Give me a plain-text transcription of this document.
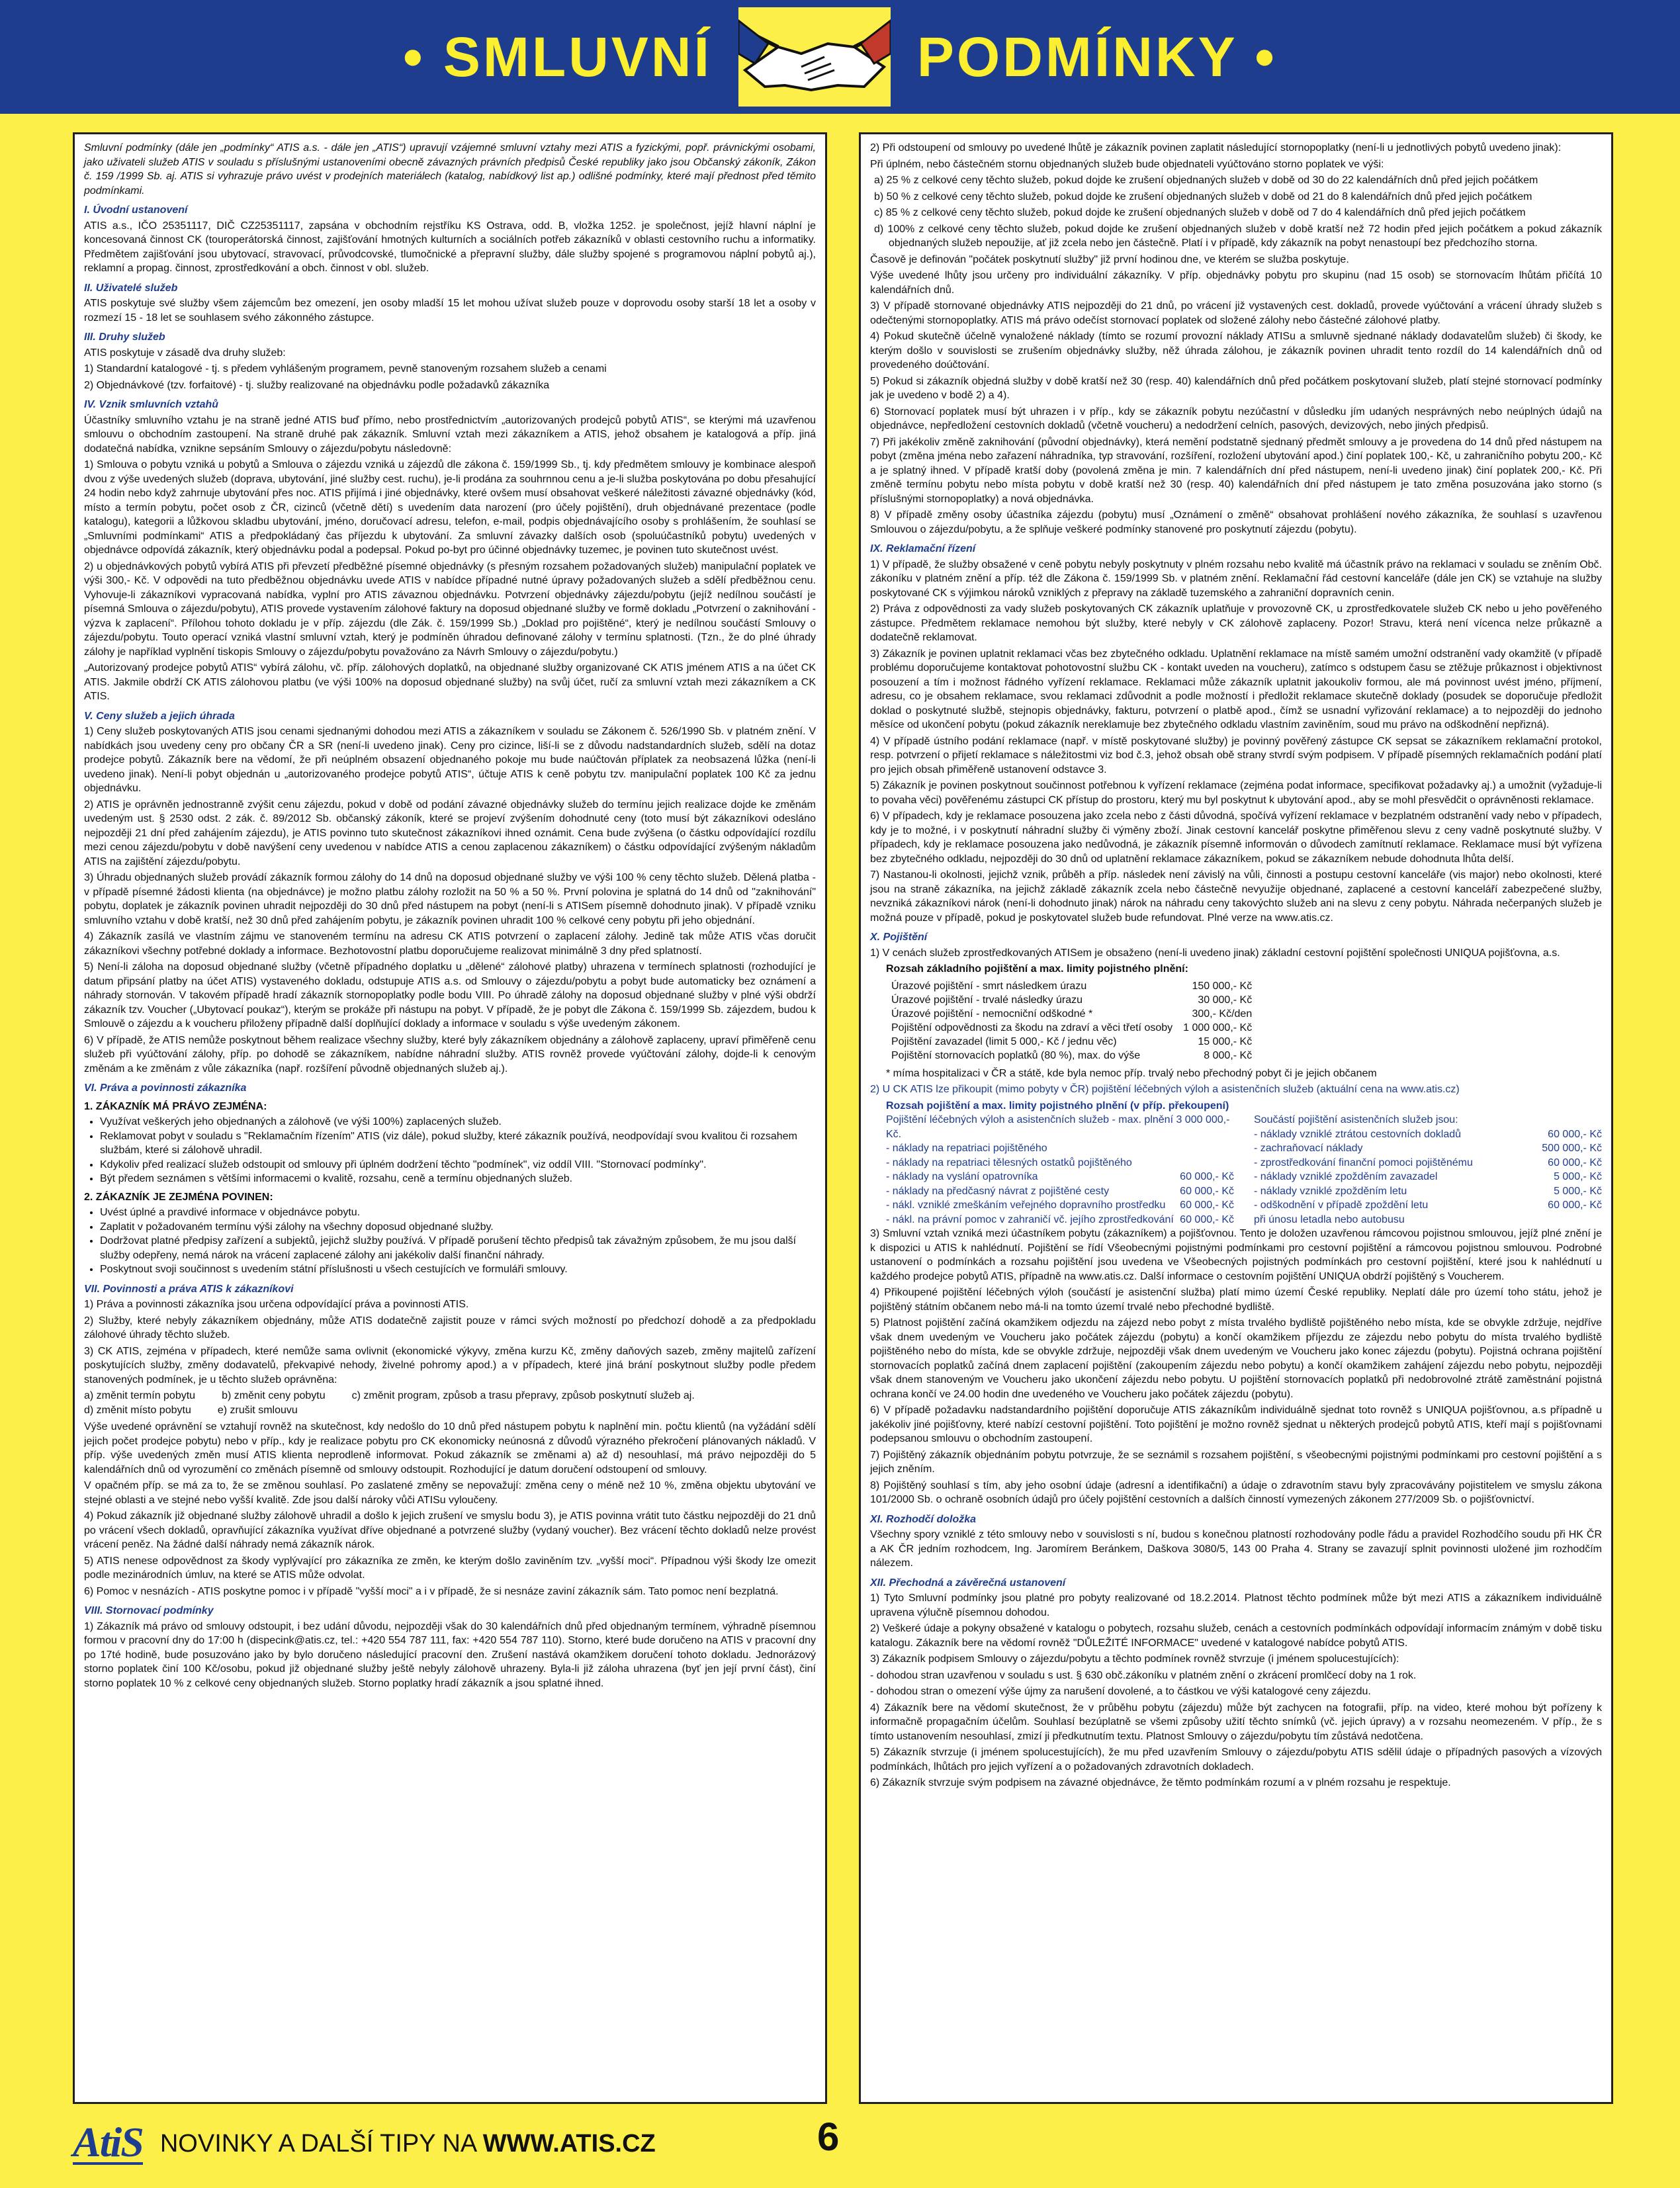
• SMLUVNÍ	PODMÍNKY •

Smluvní podmínky (dále jen „podmínky“ ATIS a.s. - dále jen „ATIS“) upravují vzájemné smluvní vztahy mezi ATIS a fyzickými, popř. právnickými osobami, jako uživateli služeb ATIS v souladu s příslušnými ustanoveními obecně závazných právních předpisů České republiky jako jsou Občanský zákoník, Zákon č. 159 /1999 Sb. aj. ATIS si vyhrazuje právo uvést v prodejních materiálech (katalog, nabídkový list ap.) odlišné podmínky, které mají přednost před těmito podmínkami.

I. Úvodní ustanovení

ATIS a.s., IČO 25351117, DIČ CZ25351117, zapsána v obchodním rejstříku KS Ostrava, odd. B, vložka 1252. je společnost, jejíž hlavní náplní je koncesovaná činnost CK (touroperátorská činnost, zajišťování hmotných kulturních a sociálních potřeb zákazníků v oblasti cestovního ruchu a informatiky. Předmětem zajišťování jsou ubytovací, stravovací, průvodcovské, tlumočnické a přepravní služby, dále služby spojené s programovou náplní pobytů aj.), reklamní a propag. činnost, zprostředkování a obch. činnost v obl. služeb.

II. Uživatelé služeb

ATIS poskytuje své služby všem zájemcům bez omezení, jen osoby mladší 15 let mohou užívat služeb pouze v doprovodu osoby starší 18 let a osoby v rozmezí 15 - 18 let se souhlasem svého zákonného zástupce.

III. Druhy služeb

ATIS poskytuje v zásadě dva druhy služeb:

1) Standardní katalogové - tj. s předem vyhlášeným programem, pevně stanoveným rozsahem služeb a cenami

2) Objednávkové (tzv. forfaitové) - tj. služby realizované na objednávku podle požadavků zákazníka

IV. Vznik smluvních vztahů

Účastníky smluvního vztahu je na straně jedné ATIS buď přímo, nebo prostřednictvím „autorizovaných prodejců pobytů ATIS“, se kterými má uzavřenou smlouvu o obchodním zastoupení. Na straně druhé pak zákazník. Smluvní vztah mezi zákazníkem a ATIS, jehož obsahem je katalogová a příp. jiná dodatečná nabídka, vznikne sepsáním Smlouvy o zájezdu/pobytu následovně:

1) Smlouva o pobytu vzniká u pobytů a Smlouva o zájezdu vzniká u zájezdů dle zákona č. 159/1999 Sb., tj. kdy předmětem smlouvy je kombinace alespoň dvou z výše uvedených služeb (doprava, ubytování, jiné služby cest. ruchu), je-li prodána za souhrnnou cenu a je-li služba poskytována po dobu přesahující 24 hodin nebo když zahrnuje ubytování přes noc. ATIS přijímá i jiné objednávky, které ovšem musí obsahovat veškeré náležitosti závazné objednávky (kód, místo a termín pobytu, počet osob z ČR, cizinců (včetně dětí) s uvedením data narození (pro účely pojištění), druh objednávané prezentace (podle katalogu), kategorii a lůžkovou skladbu ubytování, jméno, doručovací adresu, telefon, e-mail, podpis objednávajícího osoby s prohlášením, že souhlasí se „Smluvními podmínkami“ ATIS a předpokládaný čas příjezdu k ubytování. Za smluvní závazky dalších osob (spoluúčastníků pobytu) uvedených v objednávce odpovídá zákazník, který objednávku podal a podepsal. Pokud po-byt pro účinné objednávky tuzemec, je povinen tuto skutečnost uvést.

2) u objednávkových pobytů vybírá ATIS při převzetí předběžné písemné objednávky (s přesným rozsahem požadovaných služeb) manipulační poplatek ve výši 300,- Kč. V odpovědi na tuto předběžnou objednávku uvede ATIS v nabídce případné nutné úpravy požadovaných služeb a sdělí předběžnou cenu. Vyhovuje-li zákazníkovi vypracovaná nabídka, vyplní pro ATIS závaznou objednávku. Potvrzení objednávky zájezdu/pobytu (jejíž nedílnou součástí je písemná Smlouva o zájezdu/pobytu), ATIS provede vystavením zálohové faktury na doposud objednané služby ve formě dokladu „Potvrzení o zaknihování - výzva k zaplacení“. Přílohou tohoto dokladu je v příp. zájezdu (dle Zák. č. 159/1999 Sb.) „Doklad pro pojištěné“, který je nedílnou součástí Smlouvy o zájezdu/pobytu. Touto operací vzniká vlastní smluvní vztah, který je podmíněn úhradou definované zálohy v termínu splatnosti. (Tzn., že do plné úhrady zálohy je například vyplnění tiskopis Smlouvy o zájezdu/pobytu považováno za Návrh Smlouvy o zájezdu/pobytu.)

„Autorizovaný prodejce pobytů ATIS“ vybírá zálohu, vč. příp. zálohových doplatků, na objednané služby organizované CK ATIS jménem ATIS a na účet CK ATIS. Jakmile obdrží CK ATIS zálohovou platbu (ve výši 100% na doposud objednané služby) na svůj účet, ručí za smluvní vztah mezi zákazníkem a CK ATIS.

V. Ceny služeb a jejich úhrada

1) Ceny služeb poskytovaných ATIS jsou cenami sjednanými dohodou mezi ATIS a zákazníkem v souladu se Zákonem č. 526/1990 Sb. v platném znění. V nabídkách jsou uvedeny ceny pro občany ČR a SR (není-li uvedeno jinak). Ceny pro cizince, liší-li se z důvodu nadstandardních služeb, sdělí na dotaz prodejce pobytů. Zákazník bere na vědomí, že při neúplném obsazení objednaného pokoje mu bude naúčtován příplatek za neobsazená lůžka (není-li uvedeno jinak). Není-li pobyt objednán u „autorizovaného prodejce pobytů ATIS“, účtuje ATIS k ceně pobytu tzv. manipulační poplatek 100 Kč za jednu objednávku.

2) ATIS je oprávněn jednostranně zvýšit cenu zájezdu, pokud v době od podání závazné objednávky služeb do termínu jejich realizace dojde ke změnám uvedeným ust. § 2530 odst. 2 zák. č. 89/2012 Sb. občanský zákoník, které se projeví zvýšením dohodnuté ceny (toto musí být zákazníkovi odesláno nejpozději 21 dní před zahájením zájezdu), je ATIS povinno tuto skutečnost zákazníkovi ihned oznámit. Cena bude zvýšena (o částku odpovídající rozdílu mezi cenou zájezdu/pobytu v době navýšení ceny uvedenou v nabídce ATIS a cenou zaplacenou zákazníkem) o částku odpovídající zvýšeným nákladům ATIS na zajištění zájezdu/pobytu.

3) Úhradu objednaných služeb provádí zákazník formou zálohy do 14 dnů na doposud objednané služby ve výši 100 % ceny těchto služeb. Dělená platba - v případě písemné žádosti klienta (na objednávce) je možno platbu zálohy rozložit na 50 % a 50 %. První polovina je splatná do 14 dnů od "zaknihování" pobytu, doplatek je zákazník povinen uhradit nejpozději do 30 dnů před nástupem na pobyt (není-li s ATISem písemně dohodnuto jinak). V případě vzniku smluvního vztahu v době kratší, než 30 dnů před zahájením pobytu, je zákazník povinen uhradit 100 % celkové ceny pobytu při jeho objednání.

4) Zákazník zasílá ve vlastním zájmu ve stanoveném termínu na adresu CK ATIS potvrzení o zaplacení zálohy. Jedině tak může ATIS včas doručit zákazníkovi všechny potřebné doklady a informace. Bezhotovostní platbu doporučujeme realizovat minimálně 3 dny před splatností.

5) Není-li záloha na doposud objednané služby (včetně případného doplatku u „dělené“ zálohové platby) uhrazena v termínech splatnosti (rozhodující je datum připsání platby na účet ATIS) vystaveného dokladu, odstupuje ATIS a.s. od Smlouvy o zájezdu/pobytu a pobyt bude automaticky bez oznámení a náhrady stornován. V takovém případě hradí zákazník stornopoplatky podle bodu VIII. Po úhradě zálohy na doposud objednané služby v plné výši obdrží zákazník tzv. Voucher („Ubytovací poukaz“), kterým se prokáže při nástupu na pobyt. V případě, že je pobyt dle Zákona č. 159/1999 Sb. zájezdem, budou k Smlouvě o zájezdu a k voucheru přiloženy případně další doplňující doklady a informace v souladu s výše uvedeným zákonem.

6) V případě, že ATIS nemůže poskytnout během realizace všechny služby, které byly zákazníkem objednány a zálohově zaplaceny, upraví přiměřeně cenu služeb při vyúčtování zálohy, příp. po dohodě se zákazníkem, nabídne náhradní služby. ATIS rovněž provede vyúčtování zálohy, dojde-li k cenovým změnám a ke změnám z vůle zákazníka (např. rozšíření původně objednaných služeb aj.).

VI. Práva a povinnosti zákazníka
1. ZÁKAZNÍK MÁ PRÁVO ZEJMÉNA:
• Využívat veškerých jeho objednaných a zálohově (ve výši 100%) zaplacených služeb.
• Reklamovat pobyt v souladu s "Reklamačním řízením" ATIS (viz dále), pokud služby, které zákazník používá, neodpovídají svou kvalitou či rozsahem službám, které si zálohově uhradil.
• Kdykoliv před realizací služeb odstoupit od smlouvy při úplném dodržení těchto "podmínek", viz oddíl VIII. "Stornovací podmínky".
• Být předem seznámen s většími informacemi o kvalitě, rozsahu, ceně a termínu objednaných služeb.
2. ZÁKAZNÍK JE ZEJMÉNA POVINEN:
• Uvést úplné a pravdivé informace v objednávce pobytu.
• Zaplatit v požadovaném termínu výši zálohy na všechny doposud objednané služby.
• Dodržovat platné předpisy zařízení a subjektů, jejichž služby používá. V případě porušení těchto předpisů tak závažným způsobem, že mu jsou další služby odepřeny, nemá nárok na vrácení zaplacené zálohy ani jakékoliv další finanční náhrady.
• Poskytnout svoji součinnost s uvedením státní příslušnosti u všech cestujících ve formuláři smlouvy.
VII. Povinnosti a práva ATIS k zákazníkovi

1) Práva a povinnosti zákazníka jsou určena odpovídající práva a povinnosti ATIS.

2) Služby, které nebyly zákazníkem objednány, může ATIS dodatečně zajistit pouze v rámci svých možností po předchozí dohodě a za předpokladu zálohové úhrady těchto služeb.

3) CK ATIS, zejména v případech, které nemůže sama ovlivnit (ekonomické výkyvy, změna kurzu Kč, změny daňových sazeb, změny majitelů zařízení poskytujících služby, změny dodavatelů, překvapivé nehody, živelné pohromy apod.) a v případech, které jiná brání poskytnout služby podle předem stanovených podmínek, je u těchto služeb oprávněna:

a) změnit termín pobytu	b) změnit ceny pobytu	c) změnit program, způsob a trasu přepravy, způsob poskytnutí služeb aj.
d) změnit místo pobytu	e) zrušit smlouvu

Výše uvedené oprávnění se vztahují rovněž na skutečnost, kdy nedošlo do 10 dnů před nástupem pobytu k naplnění min. počtu klientů (na vyžádání sdělí jejich počet prodejce pobytu) nebo v příp., kdy je realizace pobytu pro CK ekonomicky neúnosná z důvodů výrazného překročení plánovaných nákladů. V příp. výše uvedených změn musí ATIS klienta neprodleně informovat. Pokud zákazník se změnami a) až d) nesouhlasí, má právo nejpozději do 5 kalendářních dnů od vyrozumění co změnách písemně od smlouvy odstoupit. Rozhodující je datum doručení odstoupení od smlouvy.

V opačném příp. se má za to, že se změnou souhlasí. Po zaslatené změny se nepovažují: změna ceny o méně než 10 %, změna objektu ubytování ve stejné oblasti a ve stejné nebo vyšší kvalitě. Zde jsou další nároky vůči ATISu vyloučeny.

4) Pokud zákazník již objednané služby zálohově uhradil a došlo k jejich zrušení ve smyslu bodu 3), je ATIS povinna vrátit tuto částku nejpozději do 21 dnů po vrácení všech dokladů, opravňující zákazníka využívat dříve objednané a potvrzené služby (vydaný voucher). Bez vrácení těchto dokladů nelze provést vrácení peněz. Na žádné další náhrady nemá zákazník nárok.

5) ATIS nenese odpovědnost za škody vyplývající pro zákazníka ze změn, ke kterým došlo zaviněním tzv. „vyšší moci“. Případnou výši škody lze omezit podle mezinárodních úmluv, na které se ATIS může odvolat.

6) Pomoc v nesnázích - ATIS poskytne pomoc i v případě "vyšší moci" a i v případě, že si nesnáze zaviní zákazník sám. Tato pomoc není bezplatná.

VIII. Stornovací podmínky

1) Zákazník má právo od smlouvy odstoupit, i bez udání důvodu, nejpozději však do 30 kalendářních dnů před objednaným termínem, výhradně písemnou formou v pracovní dny do 17:00 h (dispecink@atis.cz, tel.: +420 554 787 111, fax: +420 554 787 110). Storno, které bude doručeno na ATIS v pracovní dny po 17té hodině, bude posuzováno jako by bylo doručeno následující pracovní den. Zrušení nastává okamžikem doručení tohoto dokladu. Jednorázový storno poplatek činí 100 Kč/osobu, pokud již objednané služby ještě nebyly zálohově uhrazeny. Byla-li již záloha uhrazena (byť jen její první část), činí storno poplatek 10 % z celkové ceny objednaných služeb. Storno poplatky hradí zákazník a jsou splatné ihned.

2) Při odstoupení od smlouvy po uvedené lhůtě je zákazník povinen zaplatit následující stornopoplatky (není-li u jednotlivých pobytů uvedeno jinak):

Při úplném, nebo částečném stornu objednaných služeb bude objednateli vyúčtováno storno poplatek ve výši:

a) 25 % z celkové ceny těchto služeb, pokud dojde ke zrušení objednaných služeb v době od 30 do 22 kalendářních dnů před jejich počátkem

b) 50 % z celkové ceny těchto služeb, pokud dojde ke zrušení objednaných služeb v době od 21 do 8 kalendářních dnů před jejich počátkem

c) 85 % z celkové ceny těchto služeb, pokud dojde ke zrušení objednaných služeb v době od 7 do 4 kalendářních dnů před jejich počátkem

d) 100% z celkové ceny těchto služeb, pokud dojde ke zrušení objednaných služeb v době kratší než 72 hodin před jejich počátkem a pokud zákazník objednaných služeb nepoužije, ať již zcela nebo jen částečně. Platí i v případě, kdy zákazník na pobyt nenastoupí bez předchozího storna.

Časově je definován "počátek poskytnutí služby" již první hodinou dne, ve kterém se služba poskytuje.

Výše uvedené lhůty jsou určeny pro individuální zákazníky. V příp. objednávky pobytu pro skupinu (nad 15 osob) se stornovacím lhůtám přičítá 10 kalendářních dnů.

3) V případě stornované objednávky ATIS nejpozději do 21 dnů, po vrácení již vystavených cest. dokladů, provede vyúčtování a vrácení úhrady služeb s odečtenými stornopoplatky. ATIS má právo odečíst stornovací poplatek od složené zálohy nebo částečné zálohové platby.

4) Pokud skutečně účelně vynaložené náklady (tímto se rozumí provozní náklady ATISu a smluvně sjednané náklady dodavatelům služeb) či škody, ke kterým došlo v souvislosti se zrušením objednávky služby, něž úhrada zálohou, je zákazník povinen uhradit tento rozdíl do 14 kalendářních dnů od provedeného doúčtování.

5) Pokud si zákazník objedná služby v době kratší než 30 (resp. 40) kalendářních dnů před počátkem poskytovaní služeb, platí stejné stornovací podmínky jak je uvedeno v bodě 2) a 4).

6) Stornovací poplatek musí být uhrazen i v příp., kdy se zákazník pobytu nezúčastní v důsledku jím udaných nesprávných nebo neúplných údajů na objednávce, nepředložení cestovních dokladů (včetně voucheru) a nedodržení celních, pasových, devizových, nebo jiných předpisů.

7) Při jakékoliv změně zaknihování (původní objednávky), která nemění podstatně sjednaný předmět smlouvy a je provedena do 14 dnů před nástupem na pobyt (změna jména nebo zařazení náhradníka, typ stravování, rozšíření, rozložení ubytování apod.) činí poplatek 100,- Kč, u zahraničního pobytu 200,- Kč a je splatný ihned. V případě kratší doby (povolená změna je min. 7 kalendářních dní před nástupem, není-li uvedeno jinak) činí poplatek 200,- Kč. Při změně termínu pobytu nebo místa pobytu v době kratší než 30 (resp. 40) kalendářních dní před nástupem je tato změna posuzována jako storno (s příslušnými stornopoplatky) a nová objednávka.

8) V případě změny osoby účastníka zájezdu (pobytu) musí „Oznámení o změně“ obsahovat prohlášení nového zákazníka, že souhlasí s uzavřenou Smlouvou o zájezdu/pobytu, a že splňuje veškeré podmínky stanovené pro poskytnutí zájezdu (pobytu).

IX. Reklamační řízení

1) V případě, že služby obsažené v ceně pobytu nebyly poskytnuty v plném rozsahu nebo kvalitě má účastník právo na reklamaci v souladu se zněním Obč. zákoníku v platném znění a příp. též dle Zákona č. 159/1999 Sb. v platném znění. Reklamační řád cestovní kanceláře (dále jen CK) se vztahuje na služby poskytované CK s výjimkou nároků vzniklých z přepravy na základě tuzemského a zahraniční dopravních cenin.

2) Práva z odpovědnosti za vady služeb poskytovaných CK zákazník uplatňuje v provozovně CK, u zprostředkovatele služeb CK nebo u jeho pověřeného zástupce. Předmětem reklamace nemohou být služby, které nebyly v CK zálohově zaplaceny. Pozor! Stravu, která není vícenca nelze průkazně a dodatečně reklamovat.

3) Zákazník je povinen uplatnit reklamaci včas bez zbytečného odkladu. Uplatnění reklamace na místě samém umožní odstranění vady okamžitě (v případě problému doporučujeme kontaktovat pohotovostní službu CK - kontakt uveden na voucheru), zatímco s odstupem času se ztěžuje průkaznost i objektivnost posouzení a tím i možnost řádného vyřízení reklamace. Reklamaci může zákazník uplatnit jakoukoliv formou, ale má povinnost uvést jméno, příjmení, adresu, co je obsahem reklamace, svou reklamaci zdůvodnit a podle možností i předložit reklamace skutečně doklady (posudek se doporučuje předložit doklad o poskytnuté službě, stejnopis objednávky, fakturu, potvrzení o platbě apod., čímž se usnadní vyřizování reklamace) a to nejpozději do jednoho měsíce od ukončení pobytu (pokud zákazník nereklamuje bez zbytečného odkladu vlastním zaviněním, soud mu právo na odškodnění nepřizná).

4) V případě ústního podání reklamace (např. v místě poskytované služby) je povinný pověřený zástupce CK sepsat se zákazníkem reklamační protokol, resp. potvrzení o přijetí reklamace s náležitostmi viz bod č.3, jehož obsah obě strany stvrdí svým podpisem. V případě písemných reklamačních podání platí pro jejich obsah přiměřeně ustanovení odstavce 3.

5) Zákazník je povinen poskytnout součinnost potřebnou k vyřízení reklamace (zejména podat informace, specifikovat požadavky aj.) a umožnit (vyžaduje-li to povaha věci) pověřenému zástupci CK přístup do prostoru, který mu byl poskytnut k ubytování apod., aby se mohl přesvědčit o oprávněnosti reklamace.

6) V případech, kdy je reklamace posouzena jako zcela nebo z části důvodná, spočívá vyřízení reklamace v bezplatném odstranění vady nebo v případech, kdy je to možné, i v poskytnutí náhradní služby či výměny zboží. Jinak cestovní kancelář poskytne přiměřenou slevu z ceny vadně poskytnuté služby. V případech, kdy je reklamace posouzena jako nedůvodná, je zákazník písemně informován o důvodech zamítnutí reklamace. Reklamace musí být vyřízena bez zbytečného odkladu, nejpozději do 30 dnů od uplatnění reklamace zákazníkem, pokud se zákazníkem nebude dohodnuta lhůta delší.

7) Nastanou-li okolnosti, jejichž vznik, průběh a příp. následek není závislý na vůli, činnosti a postupu cestovní kanceláře (vis major) nebo okolnosti, které jsou na straně zákazníka, na jejichž základě zákazník zcela nebo částečně nevyužije objednané, zaplacené a cestovní kanceláří zabezpečené služby, nevzniká zákazníkovi nárok (není-li dohodnuto jinak) nárok na náhradu ceny takovýchto služeb ani na slevu z ceny pobytu. Náhrada nečerpaných služeb je možná pouze v případě, pokud je poskytovatel služeb bude refundovat. Plné verze na www.atis.cz.

X. Pojištění

1) V cenách služeb zprostředkovaných ATISem je obsaženo (není-li uvedeno jinak) základní cestovní pojištění společnosti UNIQUA pojišťovna, a.s.

Rozsah základního pojištění a max. limity pojistného plnění:
Úrazové pojištění - smrt následkem úrazu	150 000,- Kč
Úrazové pojištění - trvalé následky úrazu	30 000,- Kč
Úrazové pojištění - nemocniční odškodné *	300,- Kč/den
Pojištění odpovědnosti za škodu na zdraví a věci třetí osoby	1 000 000,- Kč
Pojištění zavazadel (limit 5 000,- Kč / jednu věc)	15 000,- Kč
Pojištění stornovacích poplatků (80 %), max. do výše	8 000,- Kč

* míma hospitalizaci v ČR a státě, kde byla nemoc příp. trvalý nebo přechodný pobyt či je jejich občanem

2) U CK ATIS lze přikoupit (mimo pobyty v ČR) pojištění léčebných výloh a asistenčních služeb (aktuální cena na www.atis.cz)

Rozsah pojištění a max. limity pojistného plnění (v příp. překoupení)
Pojištění léčebných výloh a asistenčních služeb - max. plnění 3 000 000,- Kč.
- náklady na repatriaci pojištěného
- náklady na repatriaci tělesných ostatků pojištěného
- náklady na vyslání opatrovníka	60 000,- Kč
- náklady na předčasný návrat z pojištěné cesty	60 000,- Kč
- nákl. vzniklé zmeškáním veřejného dopravního prostředku 60 000,- Kč
- nákl. na právní pomoc v zahraničí vč. jejího zprostředkování 60 000,- Kč
Součástí pojištění asistenčních služeb jsou:
- náklady vzniklé ztrátou cestovních dokladů	60 000,- Kč
- zachraňovací náklady	500 000,- Kč
- zprostředkování finanční pomoci pojištěnému	60 000,- Kč
- náklady vzniklé zpožděním zavazadel	5 000,- Kč
- náklady vzniklé zpožděním letu	5 000,- Kč
- odškodnění v případě zpoždění letu	60 000,- Kč
při únosu letadla nebo autobusu

3) Smluvní vztah vzniká mezi účastníkem pobytu (zákazníkem) a pojišťovnou. Tento je doložen uzavřenou rámcovou pojistnou smlouvou, jejíž plné znění je k dispozici u ATIS k nahlédnutí. Pojištění se řídí Všeobecnými pojistnými podmínkami pro cestovní pojištění a rámcovou pojistnou smlouvou. Podrobné ustanovení o podmínkách a rozsahu pojištění jsou uvedena ve Všeobecných pojistných podmínkách pro cestovní pojištění, které jsou k nahlédnutí u každého prodejce pobytů ATIS, případně na www.atis.cz. Další informace o cestovním pojištění UNIQUA obdrží pojištěný s Voucherem.

4) Přikoupené pojištění léčebných výloh (součástí je asistenční služba) platí mimo území České republiky. Neplatí dále pro území toho státu, jehož je pojištěný státním občanem nebo má-li na tomto území trvalé nebo přechodné bydliště.

5) Platnost pojištění začíná okamžikem odjezdu na zájezd nebo pobyt z místa trvalého bydliště pojištěného nebo místa, kde se obvykle zdržuje, nejdříve však dnem uvedeným ve Voucheru jako počátek zájezdu (pobytu) a končí okamžikem příjezdu ze zájezdu nebo pobytu do místa trvalého bydliště pojištěného nebo do místa, kde se obvykle zdržuje, nejpozději však dnem uvedeným ve Voucheru jako konec zájezdu (pobytu). Pojistná ochrana pojištění stornovacích poplatků začíná dnem zaplacení pojištění (zakoupením zájezdu nebo pobytu) a končí okamžikem zahájení zájezdu nebo pobytu, nejpozději však dnem stanoveným ve Voucheru jako ukončení zájezdu nebo pobytu. U pojištění stornovacích poplatků při nedobrovolné ztrátě zaměstnání pojistná ochrana končí ve 24.00 hodin dne uvedeného ve Voucheru jako počátek zájezdu (pobytu).

6) V případě požadavku nadstandardního pojištění doporučuje ATIS zákazníkům individuálně sjednat toto rovněž s UNIQUA pojišťovnou, a.s případně u jakékoliv jiné pojišťovny, které nabízí cestovní pojištění. Toto pojištění je možno rovněž sjednat u některých prodejců pobytů ATIS, kteří mají s pojišťovnami podepsanou smlouvu o obchodním zastoupení.

7) Pojištěný zákazník objednáním pobytu potvrzuje, že se seznámil s rozsahem pojištění, s všeobecnými pojistnými podmínkami pro cestovní pojištění a s jejich zněním.

8) Pojištěný souhlasí s tím, aby jeho osobní údaje (adresní a identifikační) a údaje o zdravotním stavu byly zpracovávány pojistitelem ve smyslu zákona 101/2000 Sb. o ochraně osobních údajů pro účely pojištění cestovních a dalších činností vymezených zákonem 277/2009 Sb. o pojišťovnictví.

XI. Rozhodčí doložka

Všechny spory vzniklé z této smlouvy nebo v souvislosti s ní, budou s konečnou platností rozhodovány podle řádu a pravidel Rozhodčího soudu při HK ČR a AK ČR jedním rozhodcem, Ing. Jaromírem Beránkem, Daškova 3080/5, 143 00 Praha 4. Strany se zavazují splnit povinnosti uložené jim rozhodčím nálezem.

XII. Přechodná a závěrečná ustanovení

1) Tyto Smluvní podmínky jsou platné pro pobyty realizované od 18.2.2014. Platnost těchto podmínek může být mezi ATIS a zákazníkem individuálně upravena výlučně písemnou dohodou.

2) Veškeré údaje a pokyny obsažené v katalogu o pobytech, rozsahu služeb, cenách a cestovních podmínkách odpovídají informacím známým v době tisku katalogu. Zákazník bere na vědomí rovněž "DŮLEŽITÉ INFORMACE" uvedené v katalogové nabídce pobytů ATIS.

3) Zákazník podpisem Smlouvy o zájezdu/pobytu a těchto podmínek rovněž stvrzuje (i jménem spolucestujících):

- dohodou stran uzavřenou v souladu s ust. § 630 obč.zákoníku v platném znění o zkrácení promlčecí doby na 1 rok.

- dohodou stran o omezení výše újmy za narušení dovolené, a to částkou ve výši katalogové ceny zájezdu.

4) Zákazník bere na vědomí skutečnost, že v průběhu pobytu (zájezdu) může být zachycen na fotografii, příp. na video, které mohou být pořízeny k informačně propagačním účelům. Souhlasí bezúplatně se všemi způsoby užití těchto snímků (vč. jejich úpravy) a v rozsahu neomezeném. V příp., že s tímto ustanovením nesouhlasí, zmizí ji předkutnutím textu. Platnost Smlouvy o zájezdu/pobytu tím zůstává nedotčena.

5) Zákazník stvrzuje (i jménem spolucestujících), že mu před uzavřením Smlouvy o zájezdu/pobytu ATIS sdělil údaje o případných pasových a vízových podmínkách, lhůtách pro jejich vyřízení a o požadovaných zdravotních dokladech.

6) Zákazník stvrzuje svým podpisem na závazné objednávce, že těmto podmínkám rozumí a v plném rozsahu je respektuje.

AtiS NOVINKY A DALŠÍ TIPY NA WWW.ATIS.CZ	6
